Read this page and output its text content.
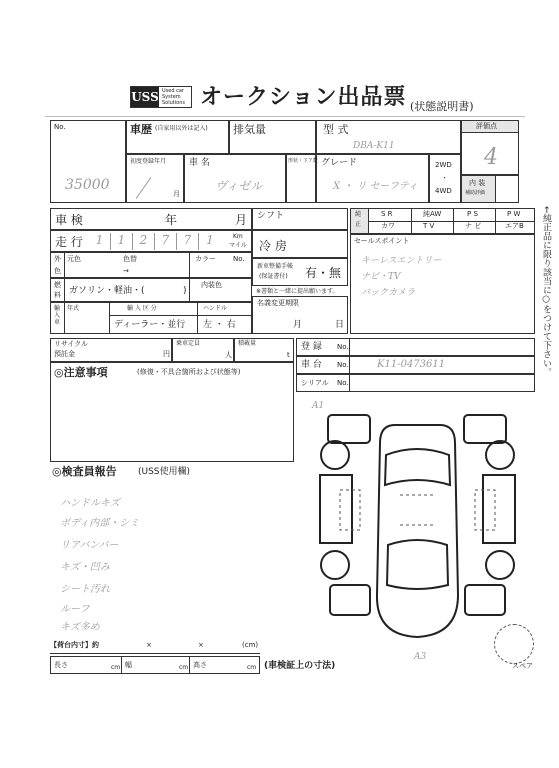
USS Used car
System
Solutions オークション出品票 (状態説明書)
No.
35000
車歴 (自家用以外は記入) 排気量	型 式
DBA-K11
評価点
4
初度登録年月
月
車 名
ヴィゼル
形状・ドア数 グレード
X ・ リ セーフティ
2WD
・
4WD
内 装
補助評価
車 検	年	月
走 行	1	1	2	7	7	1	Km
マイル
外
色
元色	色替
→
カラー No.
燃
料 ガソリン・軽油・(	)
内装色
輸
入
車
年式	輸 入 区 分
ディーラー・並行
ハンドル
左 ・ 右
シフト
冷 房
新車整備手帳
(保証書付) 有・無
※書類と一緒に提出願います。
名義変更期限
月	日
純
正
S R	純AW	P S	P W
カワ	T V	ナ ビ	エアB
セールスポイント
キーレスエントリー
ナビ・TV
バックカメラ	←純正品に限り該当に○をつけて下さい。
リサイクル
預託金	円
乗車定員
人
積載量
t
登 録 No.
車 台 No.	K11-0473611
シリアル No.
◎注意事項	(修復・不具合箇所および状態等)
◎検査員報告 (USS使用欄)
ハンドルキズ
ボディ内部・シミ
リアバンパー
キズ・凹み
シート汚れ
ルーフ
キズ多め
A1
A3
スペア
【荷台内寸】約	×	×	(cm)
長さ	cm 幅	cm 高さ	cm (車検証上の寸法)
